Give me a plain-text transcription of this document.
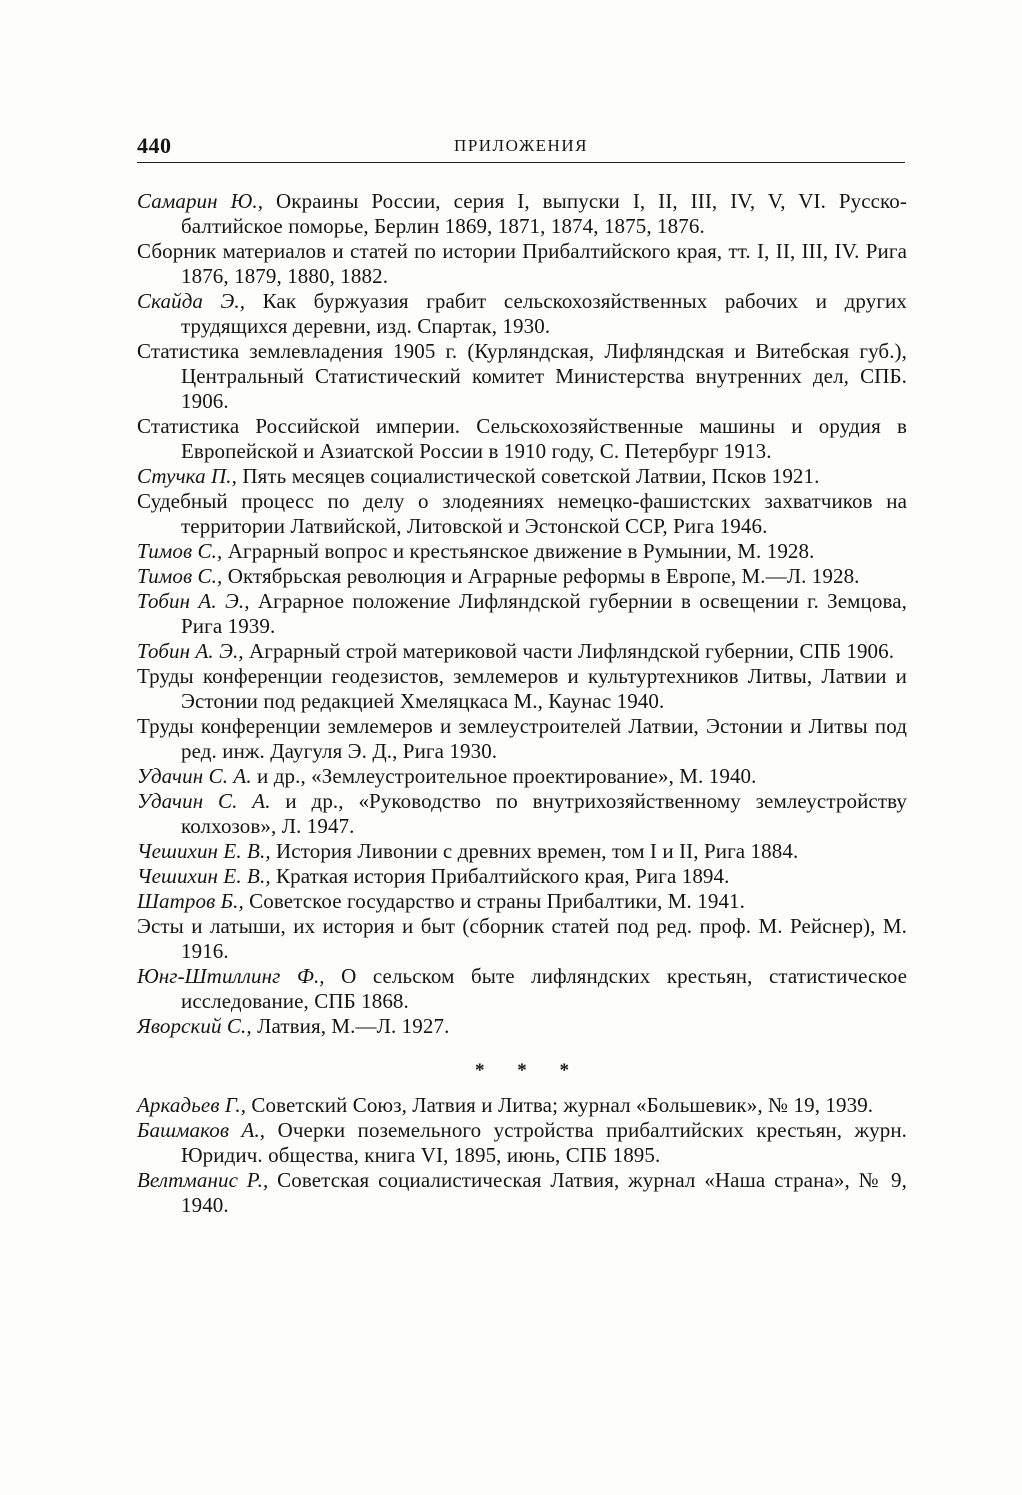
440	ПРИЛОЖЕНИЯ

Самарин Ю., Окраины России, серия I, выпуски I, II, III, IV, V, VI. Русско-балтийское поморье, Берлин 1869, 1871, 1874, 1875, 1876.

Сборник материалов и статей по истории Прибалтийского края, тт. I, II, III, IV. Рига 1876, 1879, 1880, 1882.

Скайда Э., Как буржуазия грабит сельскохозяйственных рабочих и других трудящихся деревни, изд. Спартак, 1930.

Статистика землевладения 1905 г. (Курляндская, Лифляндская и Витебская губ.), Центральный Статистический комитет Министерства внутренних дел, СПБ. 1906.

Статистика Российской империи. Сельскохозяйственные машины и орудия в Европейской и Азиатской России в 1910 году, С. Петербург 1913.

Стучка П., Пять месяцев социалистической советской Латвии, Псков 1921.

Судебный процесс по делу о злодеяниях немецко-фашистских захватчиков на территории Латвийской, Литовской и Эстонской ССР, Рига 1946.

Тимов С., Аграрный вопрос и крестьянское движение в Румынии, М. 1928.

Тимов С., Октябрьская революция и Аграрные реформы в Европе, М.—Л. 1928.

Тобин А. Э., Аграрное положение Лифляндской губернии в освещении г. Земцова, Рига 1939.

Тобин А. Э., Аграрный строй материковой части Лифляндской губернии, СПБ 1906.

Труды конференции геодезистов, землемеров и культуртехников Литвы, Латвии и Эстонии под редакцией Хмеляцкаса М., Каунас 1940.

Труды конференции землемеров и землеустроителей Латвии, Эстонии и Литвы под ред. инж. Даугуля Э. Д., Рига 1930.

Удачин С. А. и др., «Землеустроительное проектирование», М. 1940.

Удачин С. А. и др., «Руководство по внутрихозяйственному землеустройству колхозов», Л. 1947.

Чешихин Е. В., История Ливонии с древних времен, том I и II, Рига 1884.

Чешихин Е. В., Краткая история Прибалтийского края, Рига 1894.

Шатров Б., Советское государство и страны Прибалтики, М. 1941.

Эсты и латыши, их история и быт (сборник статей под ред. проф. М. Рейснер), М. 1916.

Юнг-Штиллинг Ф., О сельском быте лифляндских крестьян, статистическое исследование, СПБ 1868.

Яворский С., Латвия, М.—Л. 1927.

* * *

Аркадьев Г., Советский Союз, Латвия и Литва; журнал «Большевик», № 19, 1939.

Башмаков А., Очерки поземельного устройства прибалтийских крестьян, журн. Юридич. общества, книга VI, 1895, июнь, СПБ 1895.

Велтманис Р., Советская социалистическая Латвия, журнал «Наша страна», № 9, 1940.
